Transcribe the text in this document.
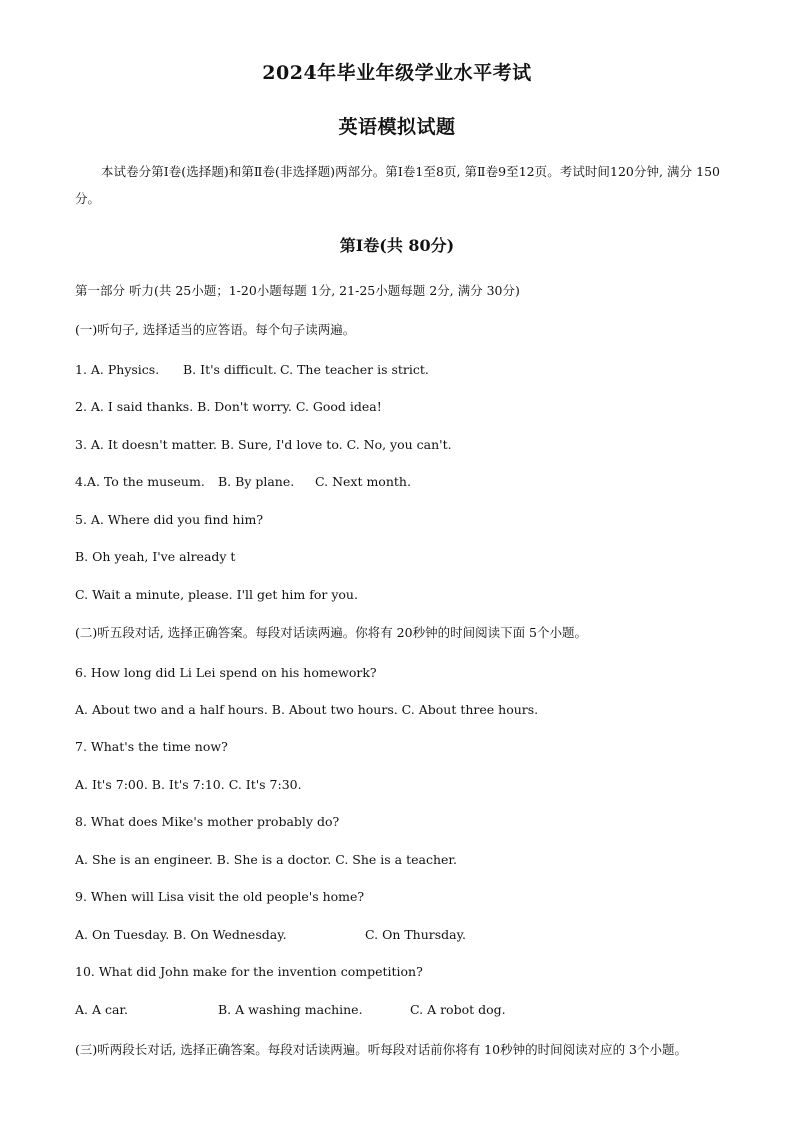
2024年毕业年级学业水平考试
英语模拟试题
本试卷分第Ⅰ卷(选择题)和第Ⅱ卷(非选择题)两部分。第Ⅰ卷1至8页, 第Ⅱ卷9至12页。考试时间120分钟, 满分 150分。
第Ⅰ卷(共 80分)
第一部分 听力(共 25小题；1-20小题每题 1分, 21-25小题每题 2分, 满分 30分)
(一)听句子, 选择适当的应答语。每个句子读两遍。
1. A. Physics. B. It's difficult. C. The teacher is strict.
2. A. I said thanks. B. Don't worry. C. Good idea!
3. A. It doesn't matter. B. Sure, I'd love to. C. No, you can't.
4.A. To the museum. B. By plane. C. Next month.
5. A. Where did you find him?
B. Oh yeah, I've already t
C. Wait a minute, please. I'll get him for you.
(二)听五段对话, 选择正确答案。每段对话读两遍。你将有 20秒钟的时间阅读下面 5个小题。
6. How long did Li Lei spend on his homework?
A. About two and a half hours. B. About two hours. C. About three hours.
7. What's the time now?
A. It's 7:00. B. It's 7:10. C. It's 7:30.
8. What does Mike's mother probably do?
A. She is an engineer. B. She is a doctor. C. She is a teacher.
9. When will Lisa visit the old people's home?
A. On Tuesday. B. On Wednesday.	C. On Thursday.
10. What did John make for the invention competition?
A. A car.	B. A washing machine.	C. A robot dog.
(三)听两段长对话, 选择正确答案。每段对话读两遍。听每段对话前你将有 10秒钟的时间阅读对应的 3个小题。
